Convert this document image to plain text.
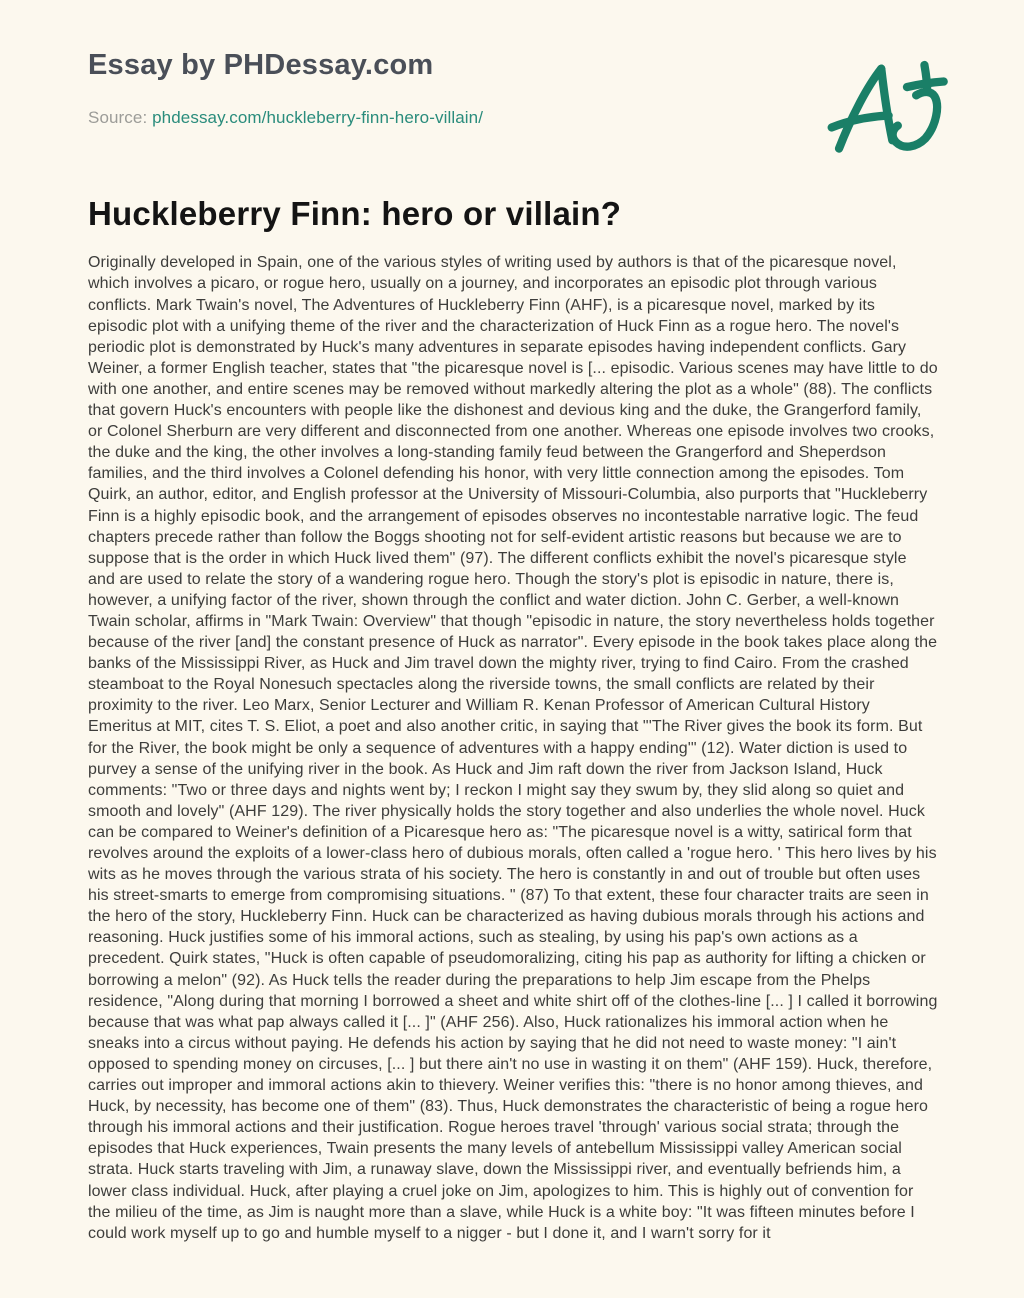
Essay by PHDessay.com
Source: phdessay.com/huckleberry-finn-hero-villain/
Huckleberry Finn: hero or villain?
Originally developed in Spain, one of the various styles of writing used by authors is that of the picaresque novel, which involves a picaro, or rogue hero, usually on a journey, and incorporates an episodic plot through various conflicts. Mark Twain's novel, The Adventures of Huckleberry Finn (AHF), is a picaresque novel, marked by its episodic plot with a unifying theme of the river and the characterization of Huck Finn as a rogue hero. The novel's periodic plot is demonstrated by Huck's many adventures in separate episodes having independent conflicts. Gary Weiner, a former English teacher, states that "the picaresque novel is [... episodic. Various scenes may have little to do with one another, and entire scenes may be removed without markedly altering the plot as a whole" (88). The conflicts that govern Huck's encounters with people like the dishonest and devious king and the duke, the Grangerford family, or Colonel Sherburn are very different and disconnected from one another. Whereas one episode involves two crooks, the duke and the king, the other involves a long-standing family feud between the Grangerford and Sheperdson families, and the third involves a Colonel defending his honor, with very little connection among the episodes. Tom Quirk, an author, editor, and English professor at the University of Missouri-Columbia, also purports that "Huckleberry Finn is a highly episodic book, and the arrangement of episodes observes no incontestable narrative logic. The feud chapters precede rather than follow the Boggs shooting not for self-evident artistic reasons but because we are to suppose that is the order in which Huck lived them" (97). The different conflicts exhibit the novel's picaresque style and are used to relate the story of a wandering rogue hero. Though the story's plot is episodic in nature, there is, however, a unifying factor of the river, shown through the conflict and water diction. John C. Gerber, a well-known Twain scholar, affirms in "Mark Twain: Overview" that though "episodic in nature, the story nevertheless holds together because of the river [and] the constant presence of Huck as narrator". Every episode in the book takes place along the banks of the Mississippi River, as Huck and Jim travel down the mighty river, trying to find Cairo. From the crashed steamboat to the Royal Nonesuch spectacles along the riverside towns, the small conflicts are related by their proximity to the river. Leo Marx, Senior Lecturer and William R. Kenan Professor of American Cultural History Emeritus at MIT, cites T. S. Eliot, a poet and also another critic, in saying that "'The River gives the book its form. But for the River, the book might be only a sequence of adventures with a happy ending'" (12). Water diction is used to purvey a sense of the unifying river in the book. As Huck and Jim raft down the river from Jackson Island, Huck comments: "Two or three days and nights went by; I reckon I might say they swum by, they slid along so quiet and smooth and lovely" (AHF 129). The river physically holds the story together and also underlies the whole novel. Huck can be compared to Weiner's definition of a Picaresque hero as: "The picaresque novel is a witty, satirical form that revolves around the exploits of a lower-class hero of dubious morals, often called a 'rogue hero. ' This hero lives by his wits as he moves through the various strata of his society. The hero is constantly in and out of trouble but often uses his street-smarts to emerge from compromising situations. " (87) To that extent, these four character traits are seen in the hero of the story, Huckleberry Finn. Huck can be characterized as having dubious morals through his actions and reasoning. Huck justifies some of his immoral actions, such as stealing, by using his pap's own actions as a precedent. Quirk states, "Huck is often capable of pseudomoralizing, citing his pap as authority for lifting a chicken or borrowing a melon" (92). As Huck tells the reader during the preparations to help Jim escape from the Phelps residence, "Along during that morning I borrowed a sheet and white shirt off of the clothes-line [... ] I called it borrowing because that was what pap always called it [... ]" (AHF 256). Also, Huck rationalizes his immoral action when he sneaks into a circus without paying. He defends his action by saying that he did not need to waste money: "I ain't opposed to spending money on circuses, [... ] but there ain't no use in wasting it on them" (AHF 159). Huck, therefore, carries out improper and immoral actions akin to thievery. Weiner verifies this: "there is no honor among thieves, and Huck, by necessity, has become one of them" (83). Thus, Huck demonstrates the characteristic of being a rogue hero through his immoral actions and their justification. Rogue heroes travel 'through' various social strata; through the episodes that Huck experiences, Twain presents the many levels of antebellum Mississippi valley American social strata. Huck starts traveling with Jim, a runaway slave, down the Mississippi river, and eventually befriends him, a lower class individual. Huck, after playing a cruel joke on Jim, apologizes to him. This is highly out of convention for the milieu of the time, as Jim is naught more than a slave, while Huck is a white boy: "It was fifteen minutes before I could work myself up to go and humble myself to a nigger - but I done it, and I warn't sorry for it
